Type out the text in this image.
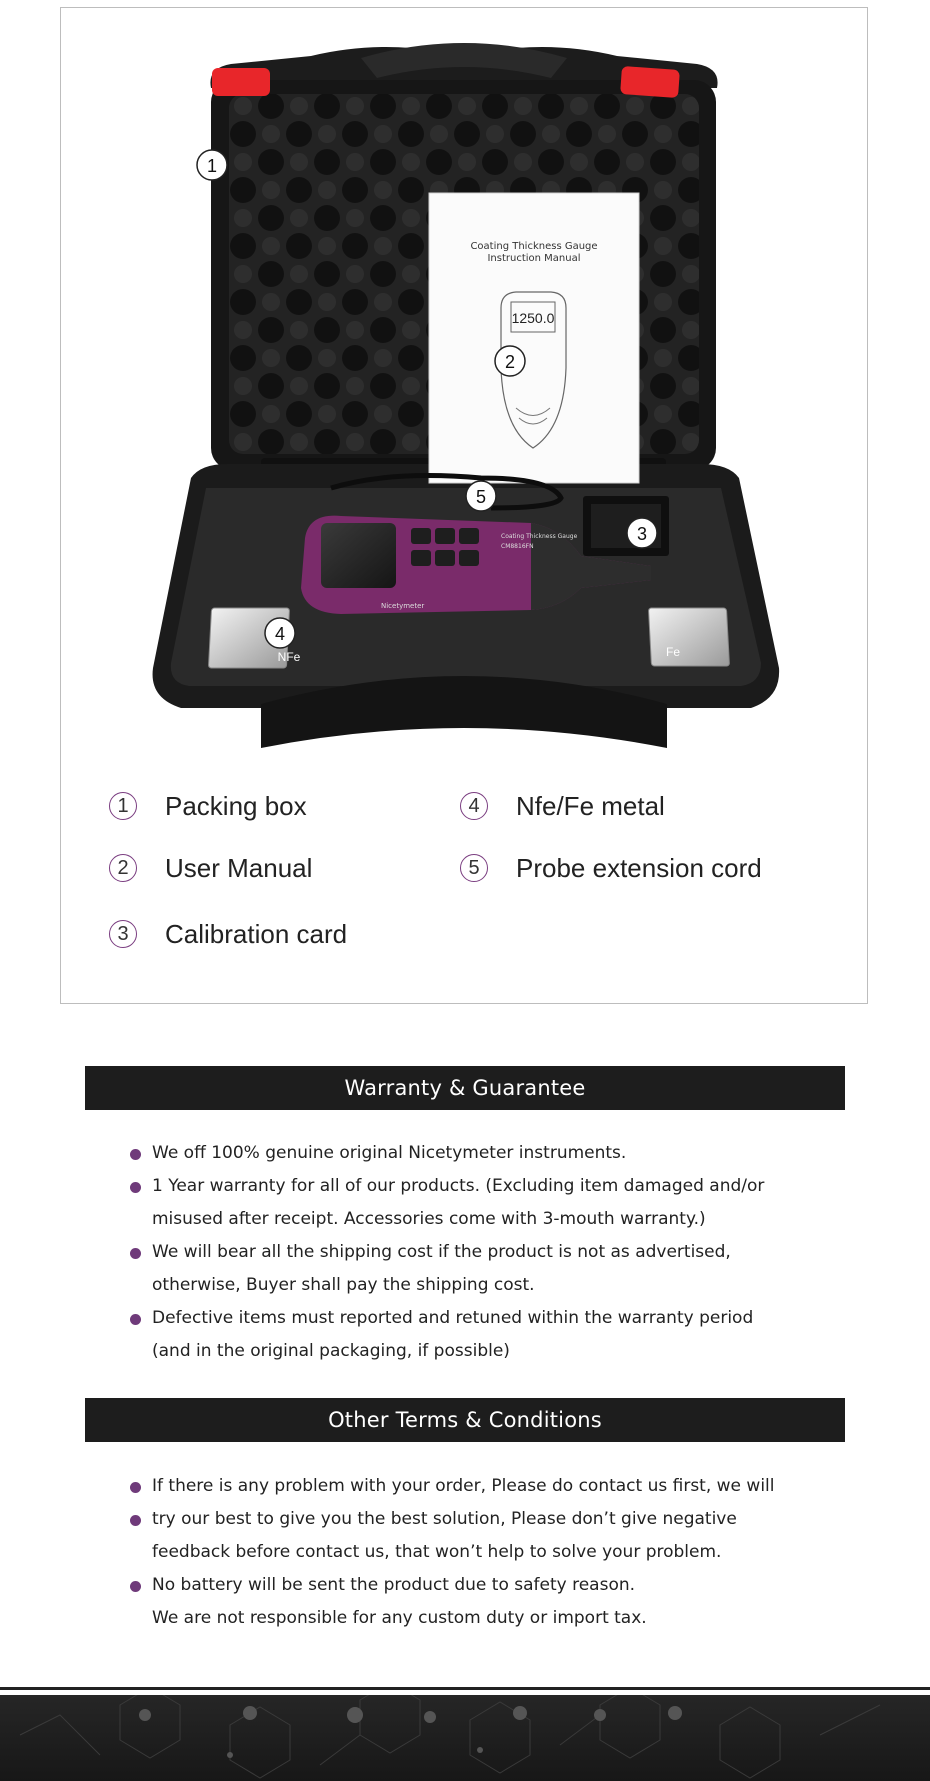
Coating Thickness Gauge
Instruction Manual
1250.0
Nicetymeter
Coating Thickness Gauge
CM8816FN
NFe	Fe
1
2
3
4
5
1	Packing box
2	User Manual
3	Calibration card
4	Nfe/Fe metal
5	Probe extension cord
Warranty & Guarantee
We off 100% genuine original Nicetymeter instruments.
1 Year warranty for all of our products. (Excluding item damaged and/or
misused after receipt. Accessories come with 3-mouth warranty.)
We will bear all the shipping cost if the product is not as advertised,
otherwise, Buyer shall pay the shipping cost.
Defective items must reported and retuned within the warranty period
(and in the original packaging, if possible)
Other Terms & Conditions
If there is any problem with your order, Please do contact us first, we will
try our best to give you the best solution, Please don’t give negative
feedback before contact us, that won’t help to solve your problem.
No battery will be sent the product due to safety reason.
We are not responsible for any custom duty or import tax.
